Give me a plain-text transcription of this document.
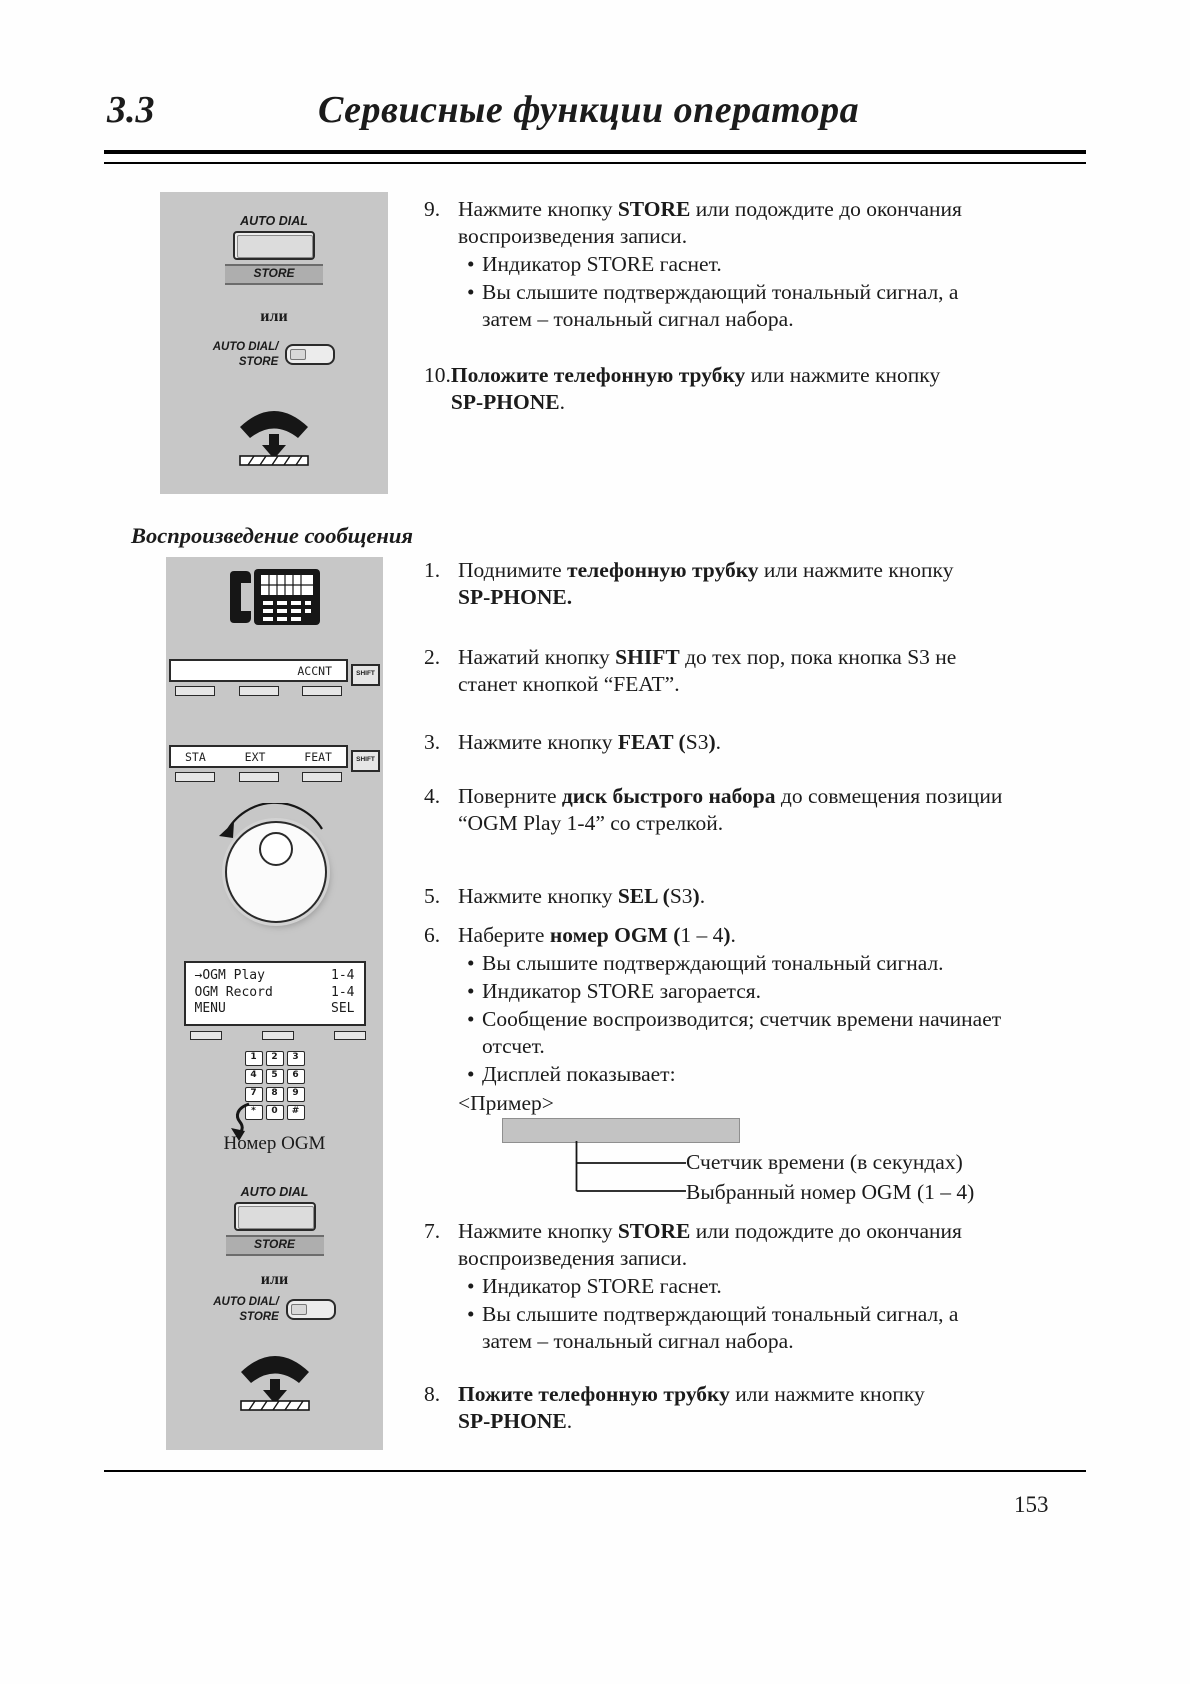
3.3	Сервисные функции оператора
AUTO DIAL
STORE
или
AUTO DIAL/
STORE
9. Нажмите кнопку STORE или подождите до окончания
воспроизведения записи.
• Индикатор STORE гаснет.
• Вы слышите подтверждающий тональный сигнал, а
затем – тональный сигнал набора.
10. Положите телефонную трубку или нажмите кнопку
SP-PHONE.
Воспроизведение сообщения
ACCNT	SHIFT
STA	EXT	FEAT	SHIFT
→OGM Play	1-4
OGM Record	1-4
MENU	SEL
1	2	3
4	5	6
7	8	9
*	0	#
Номер OGM
AUTO DIAL
STORE
или
AUTO DIAL/
STORE
1. Поднимите телефонную трубку или нажмите кнопку
SP-PHONE.
2. Нажатий кнопку SHIFT до тех пор, пока кнопка S3 не
станет кнопкой “FEAT”.
3. Нажмите кнопку FEAT (S3).
4. Поверните диск быстрого набора до совмещения позиции
“OGM Play 1-4” со стрелкой.
5. Нажмите кнопку SEL (S3).
6. Наберите номер OGM (1 – 4).
• Вы слышите подтверждающий тональный сигнал.
• Индикатор STORE загорается.
• Сообщение воспроизводится; счетчик времени начинает
отсчет.
• Дисплей показывает:
<Пример>
Счетчик времени (в секундах)
Выбранный номер OGM (1 – 4)
7. Нажмите кнопку STORE или подождите до окончания
воспроизведения записи.
• Индикатор STORE гаснет.
• Вы слышите подтверждающий тональный сигнал, а
затем – тональный сигнал набора.
8. Пожите телефонную трубку или нажмите кнопку
SP-PHONE.
153
